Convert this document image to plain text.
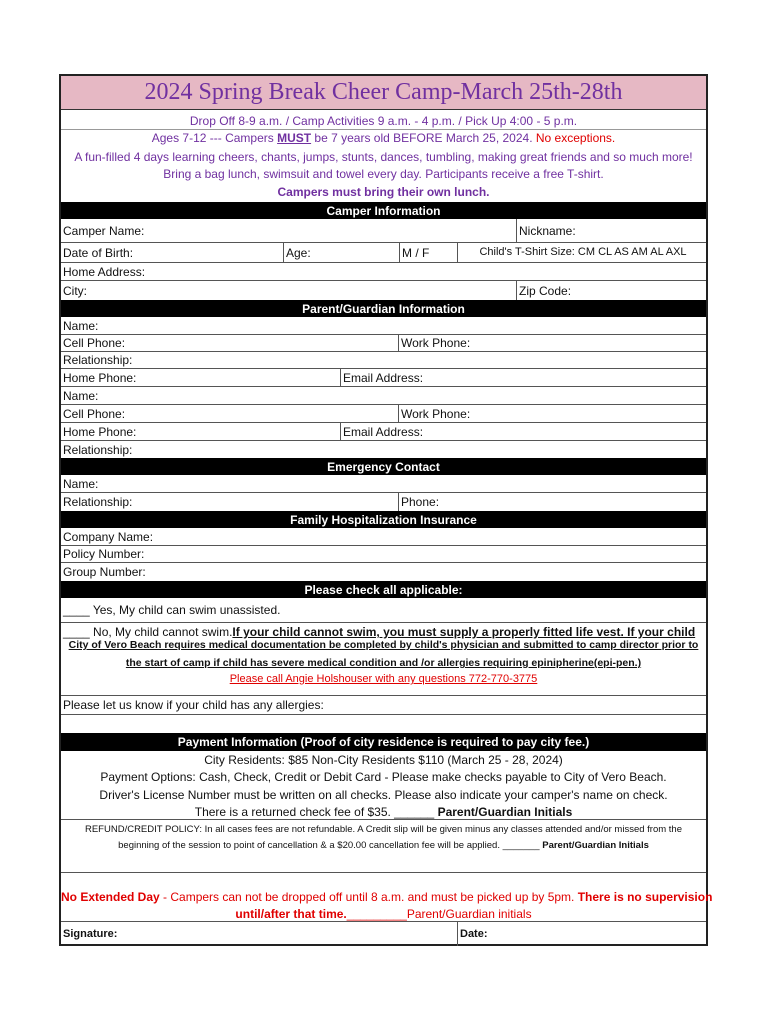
2024 Spring Break Cheer Camp-March 25th-28th
Drop Off 8-9 a.m. / Camp Activities 9 a.m. - 4 p.m. / Pick Up 4:00 - 5 p.m.
Ages 7-12 --- Campers MUST be 7 years old BEFORE March 25, 2024. No exceptions.
A fun-filled 4 days learning cheers, chants, jumps, stunts, dances, tumbling, making great friends and so much more!
Bring a bag lunch, swimsuit and towel every day. Participants receive a free T-shirt.
Campers must bring their own lunch.
Camper Information
Camper Name:	Nickname:
Date of Birth:	Age:	M / F	Child's T-Shirt Size: CM CL AS AM AL AXL
Home Address:
City:	Zip Code:
Parent/Guardian Information
Name:
Cell Phone:	Work Phone:
Relationship:
Home Phone:	Email Address:
Name:
Cell Phone:	Work Phone:
Home Phone:	Email Address:
Relationship:
Emergency Contact
Name:
Relationship:	Phone:
Family Hospitalization Insurance
Company Name:
Policy Number:
Group Number:
Please check all applicable:
____ Yes, My child can swim unassisted.
____ No, My child cannot swim. If your child cannot swim, you must supply a properly fitted life vest. If your child
City of Vero Beach requires medical documentation be completed by child's physician and submitted to camp director prior to
the start of camp if child has severe medical condition and /or allergies requiring epinipherine(epi-pen.)
Please call Angie Holshouser with any questions 772-770-3775
Please let us know if your child has any allergies:
Payment Information (Proof of city residence is required to pay city fee.)
City Residents: $85 Non-City Residents $110 (March 25 - 28, 2024)
Payment Options: Cash, Check, Credit or Debit Card - Please make checks payable to City of Vero Beach.
Driver's License Number must be written on all checks. Please also indicate your camper's name on check.
There is a returned check fee of $35. ______ Parent/Guardian Initials
REFUND/CREDIT POLICY: In all cases fees are not refundable. A Credit slip will be given minus any classes attended and/or missed from the
beginning of the session to point of cancellation & a $20.00 cancellation fee will be applied. _______ Parent/Guardian Initials
No Extended Day - Campers can not be dropped off until 8 a.m. and must be picked up by 5pm. There is no supervision
until/after that time._________Parent/Guardian initials
Signature:	Date:
